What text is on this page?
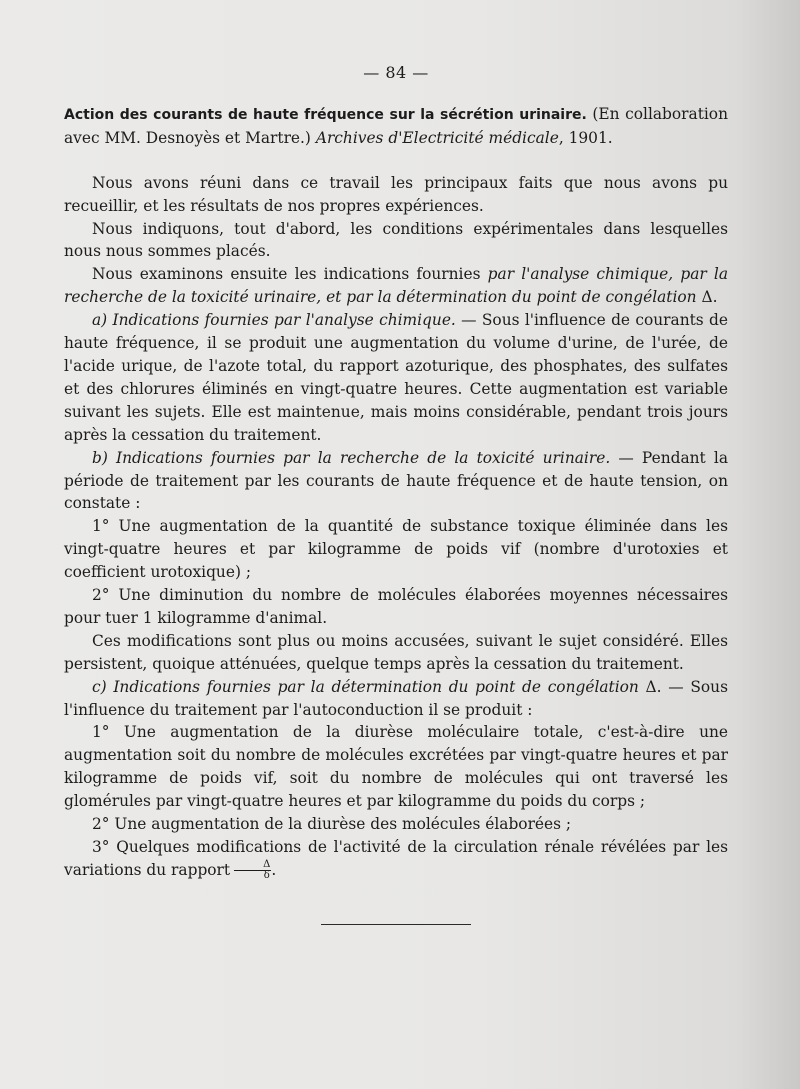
— 84 —

Action des courants de haute fréquence sur la sécrétion urinaire. (En collaboration avec MM. Desnoyès et Martre.) Archives d'Electricité médicale, 1901.

Nous avons réuni dans ce travail les principaux faits que nous avons pu recueillir, et les résultats de nos propres expériences.

Nous indiquons, tout d'abord, les conditions expérimentales dans lesquelles nous nous sommes placés.

Nous examinons ensuite les indications fournies par l'analyse chimique, par la recherche de la toxicité urinaire, et par la détermination du point de congélation Δ.

a) Indications fournies par l'analyse chimique. — Sous l'influence de courants de haute fréquence, il se produit une augmentation du volume d'urine, de l'urée, de l'acide urique, de l'azote total, du rapport azoturique, des phosphates, des sulfates et des chlorures éliminés en vingt-quatre heures. Cette augmentation est variable suivant les sujets. Elle est maintenue, mais moins considérable, pendant trois jours après la cessation du traitement.

b) Indications fournies par la recherche de la toxicité urinaire. — Pendant la période de traitement par les courants de haute fréquence et de haute tension, on constate :

1° Une augmentation de la quantité de substance toxique éliminée dans les vingt-quatre heures et par kilogramme de poids vif (nombre d'urotoxies et coefficient urotoxique) ;

2° Une diminution du nombre de molécules élaborées moyennes nécessaires pour tuer 1 kilogramme d'animal.

Ces modifications sont plus ou moins accusées, suivant le sujet considéré. Elles persistent, quoique atténuées, quelque temps après la cessation du traitement.

c) Indications fournies par la détermination du point de congélation Δ. — Sous l'influence du traitement par l'autoconduction il se produit :

1° Une augmentation de la diurèse moléculaire totale, c'est-à-dire une augmentation soit du nombre de molécules excrétées par vingt-quatre heures et par kilogramme de poids vif, soit du nombre de molécules qui ont traversé les glomérules par vingt-quatre heures et par kilogramme du poids du corps ;

2° Une augmentation de la diurèse des molécules élaborées ;

3° Quelques modifications de l'activité de la circulation rénale révélées par les variations du rapport $\frac{\Delta}{\delta}$ .
